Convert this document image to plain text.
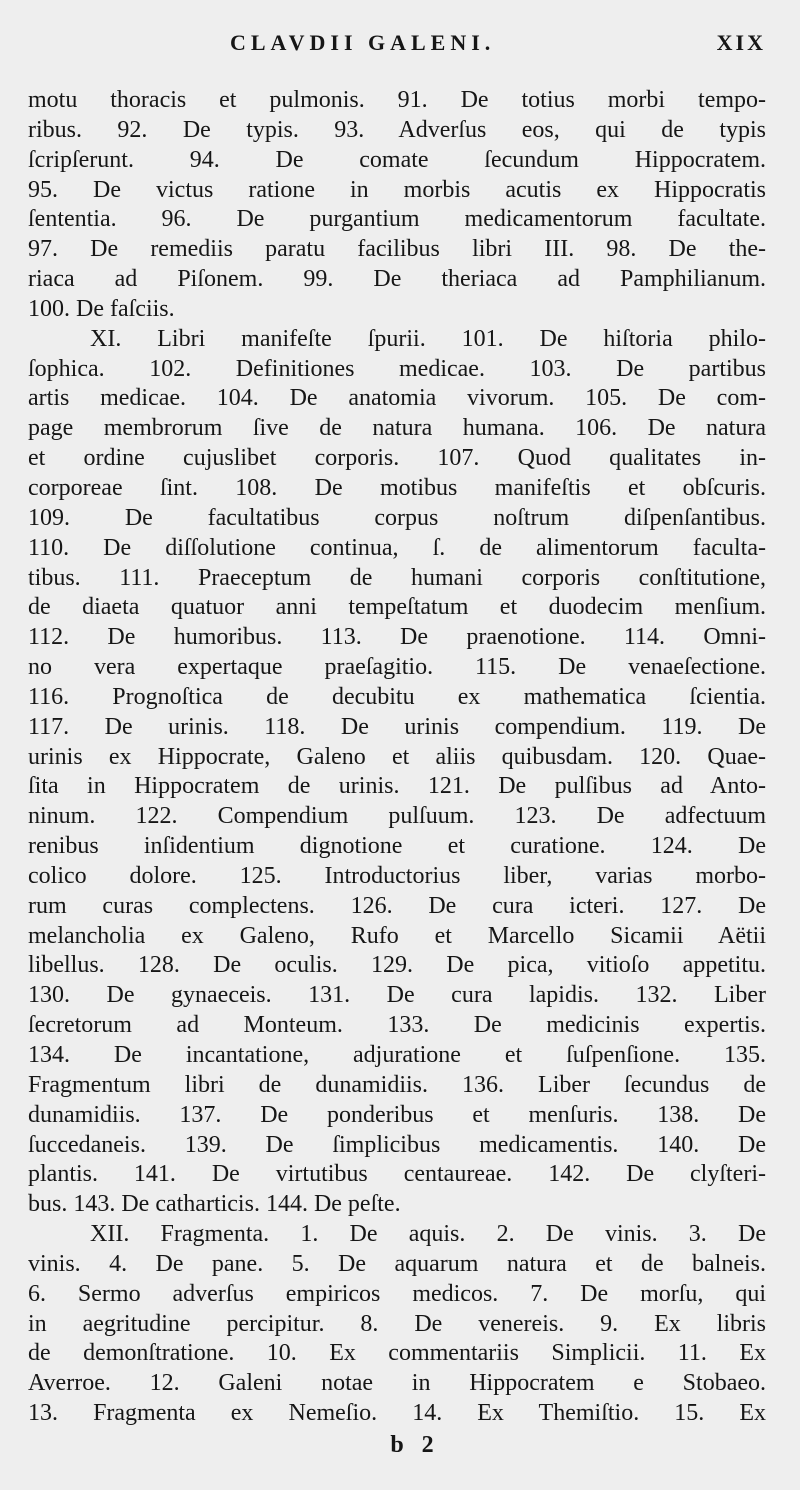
CLAVDII GALENI.	XIX
motu thoracis et pulmonis. 91. De totius morbi tempo-
ribus. 92. De typis. 93. Adverſus eos, qui de typis
ſcripſerunt. 94. De comate ſecundum Hippocratem.
95. De victus ratione in morbis acutis ex Hippocratis
ſententia. 96. De purgantium medicamentorum facultate.
97. De remediis paratu facilibus libri III. 98. De the-
riaca ad Piſonem. 99. De theriaca ad Pamphilianum.
100. De faſciis.
XI. Libri manifeſte ſpurii. 101. De hiſtoria philo-
ſophica. 102. Definitiones medicae. 103. De partibus
artis medicae. 104. De anatomia vivorum. 105. De com-
page membrorum ſive de natura humana. 106. De natura
et ordine cujuslibet corporis. 107. Quod qualitates in-
corporeae ſint. 108. De motibus manifeſtis et obſcuris.
109. De facultatibus corpus noſtrum diſpenſantibus.
110. De diſſolutione continua, ſ. de alimentorum faculta-
tibus. 111. Praeceptum de humani corporis conſtitutione,
de diaeta quatuor anni tempeſtatum et duodecim menſium.
112. De humoribus. 113. De praenotione. 114. Omni-
no vera expertaque praeſagitio. 115. De venaeſectione.
116. Prognoſtica de decubitu ex mathematica ſcientia.
117. De urinis. 118. De urinis compendium. 119. De
urinis ex Hippocrate, Galeno et aliis quibusdam. 120. Quae-
ſita in Hippocratem de urinis. 121. De pulſibus ad Anto-
ninum. 122. Compendium pulſuum. 123. De adfectuum
renibus inſidentium dignotione et curatione. 124. De
colico dolore. 125. Introductorius liber, varias morbo-
rum curas complectens. 126. De cura icteri. 127. De
melancholia ex Galeno, Rufo et Marcello Sicamii Aëtii
libellus. 128. De oculis. 129. De pica, vitioſo appetitu.
130. De gynaeceis. 131. De cura lapidis. 132. Liber
ſecretorum ad Monteum. 133. De medicinis expertis.
134. De incantatione, adjuratione et ſuſpenſione. 135.
Fragmentum libri de dunamidiis. 136. Liber ſecundus de
dunamidiis. 137. De ponderibus et menſuris. 138. De
ſuccedaneis. 139. De ſimplicibus medicamentis. 140. De
plantis. 141. De virtutibus centaureae. 142. De clyſteri-
bus. 143. De catharticis. 144. De peſte.
XII. Fragmenta. 1. De aquis. 2. De vinis. 3. De
vinis. 4. De pane. 5. De aquarum natura et de balneis.
6. Sermo adverſus empiricos medicos. 7. De morſu, qui
in aegritudine percipitur. 8. De venereis. 9. Ex libris
de demonſtratione. 10. Ex commentariis Simplicii. 11. Ex
Averroe. 12. Galeni notae in Hippocratem e Stobaeo.
13. Fragmenta ex Nemeſio. 14. Ex Themiſtio. 15. Ex
b 2
